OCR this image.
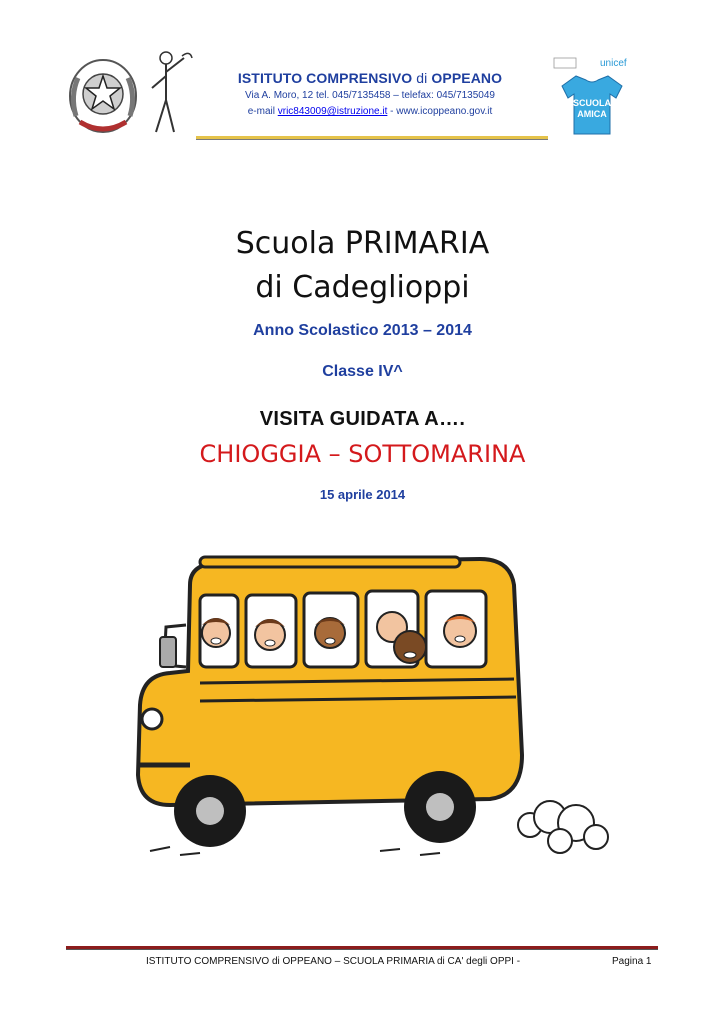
ISTITUTO COMPRENSIVO di OPPEANO
Via A. Moro, 12 tel. 045/7135458 – telefax: 045/7135049
e-mail vric843009@istruzione.it - www.icoppeano.gov.it
unicef
SCUOLA
AMICA
Scuola PRIMARIA
di Cadeglioppi
Anno Scolastico 2013 – 2014
Classe IV^
VISITA GUIDATA A….
CHIOGGIA – SOTTOMARINA
15 aprile 2014
ISTITUTO COMPRENSIVO di OPPEANO – SCUOLA PRIMARIA di CA' degli OPPI -	Pagina 1
